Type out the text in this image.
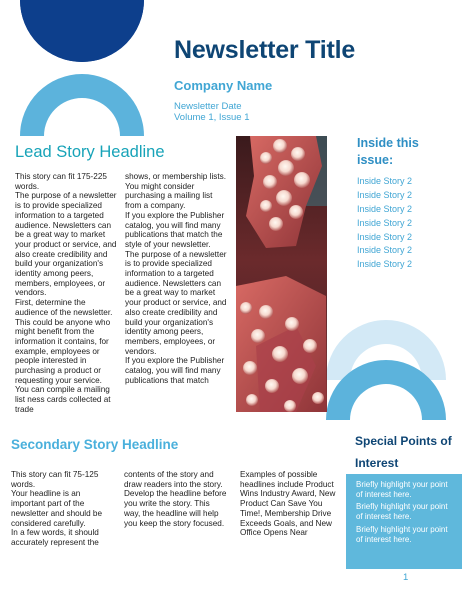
Newsletter Title
Company Name
Newsletter Date
Volume 1, Issue 1
Lead Story Headline

This story can fit 175-225 words.

The purpose of a newsletter is to provide specialized information to a targeted audience. Newsletters can be a great way to market your product or service, and also create credibility and build your organization's identity among peers, members, employees, or vendors.

First, determine the audience of the newsletter. This could be anyone who might benefit from the information it contains, for example, employees or people interested in purchasing a product or requesting your service.

You can compile a mailing list ness cards collected at trade

shows, or membership lists. You might consider purchasing a mailing list from a company.

If you explore the Publisher catalog, you will find many publications that match the style of your newsletter.

The purpose of a newsletter is to provide specialized information to a targeted audience. Newsletters can be a great way to market your product or service, and also create credibility and build your organization's identity among peers, members, employees, or vendors.

If you explore the Publisher catalog, you will find many publications that match

Inside this issue:
Inside Story 2
Inside Story 2
Inside Story 2
Inside Story 2
Inside Story 2
Inside Story 2
Inside Story 2
Secondary Story Headline

This story can fit 75-125 words.

Your headline is an important part of the newsletter and should be considered carefully.

In a few words, it should accurately represent the

contents of the story and draw readers into the story.

Develop the headline before you write the story. This way, the headline will help you keep the story focused.

Examples of possible headlines include Product Wins Industry Award, New Product Can Save You Time!, Membership Drive Exceeds Goals, and New Office Opens Near

Special Points of Interest
Briefly highlight your point of interest here.
Briefly highlight your point of interest here.
Briefly highlight your point of interest here.
1
